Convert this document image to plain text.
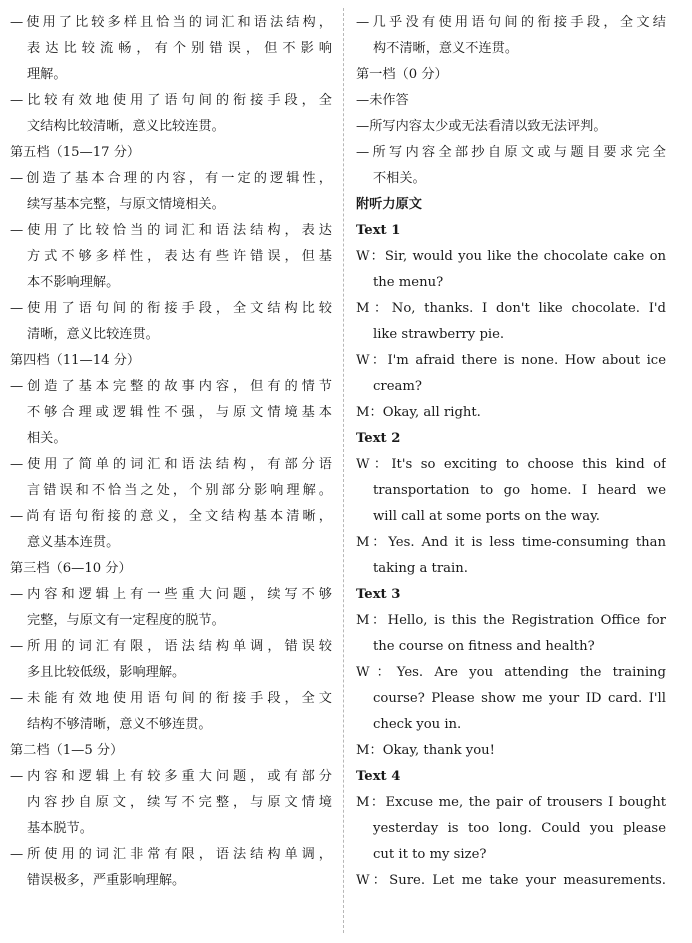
—使用了比较多样且恰当的词汇和语法结构，
表达比较流畅，有个别错误，但不影响
理解。
—比较有效地使用了语句间的衔接手段，全
文结构比较清晰，意义比较连贯。
第五档（15—17 分）
—创造了基本合理的内容，有一定的逻辑性，
续写基本完整，与原文情境相关。
—使用了比较恰当的词汇和语法结构，表达
方式不够多样性，表达有些许错误，但基
本不影响理解。
—使用了语句间的衔接手段，全文结构比较
清晰，意义比较连贯。
第四档（11—14 分）
—创造了基本完整的故事内容，但有的情节
不够合理或逻辑性不强，与原文情境基本
相关。
—使用了简单的词汇和语法结构，有部分语
言错误和不恰当之处，个别部分影响理解。
—尚有语句衔接的意义，全文结构基本清晰，
意义基本连贯。
第三档（6—10 分）
—内容和逻辑上有一些重大问题，续写不够
完整，与原文有一定程度的脱节。
—所用的词汇有限，语法结构单调，错误较
多且比较低级，影响理解。
—未能有效地使用语句间的衔接手段，全文
结构不够清晰，意义不够连贯。
第二档（1—5 分）
—内容和逻辑上有较多重大问题，或有部分
内容抄自原文，续写不完整，与原文情境
基本脱节。
—所使用的词汇非常有限，语法结构单调，
错误极多，严重影响理解。
—几乎没有使用语句间的衔接手段，全文结
构不清晰，意义不连贯。
第一档（0 分）
—未作答
—所写内容太少或无法看清以致无法评判。
—所写内容全部抄自原文或与题目要求完全
不相关。
附听力原文
Text 1
W：Sir, would you like the chocolate cake on
the menu?
M：No, thanks. I don't like chocolate. I'd
like strawberry pie.
W：I'm afraid there is none. How about ice
cream?
M：Okay, all right.
Text 2
W：It's so exciting to choose this kind of
transportation to go home. I heard we
will call at some ports on the way.
M：Yes. And it is less time-consuming than
taking a train.
Text 3
M：Hello, is this the Registration Office for
the course on fitness and health?
W：Yes. Are you attending the training
course? Please show me your ID card. I'll
check you in.
M：Okay, thank you!
Text 4
M：Excuse me, the pair of trousers I bought
yesterday is too long. Could you please
cut it to my size?
W：Sure. Let me take your measurements.
